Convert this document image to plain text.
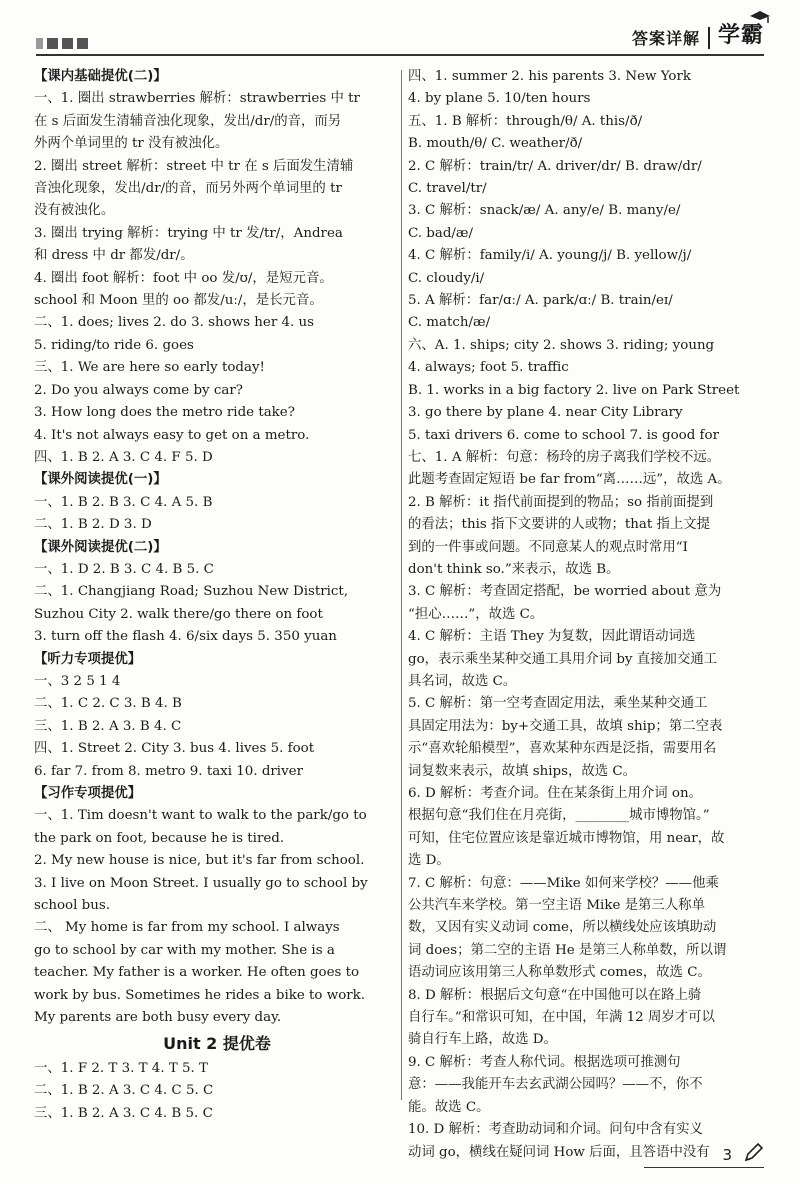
答案详解 学霸
【课内基础提优(二)】
一、1. 圈出 strawberries 解析：strawberries 中 tr
在 s 后面发生清辅音浊化现象，发出/dr/的音，而另
外两个单词里的 tr 没有被浊化。
2. 圈出 street 解析：street 中 tr 在 s 后面发生清辅
音浊化现象，发出/dr/的音，而另外两个单词里的 tr
没有被浊化。
3. 圈出 trying 解析：trying 中 tr 发/tr/，Andrea
和 dress 中 dr 都发/dr/。
4. 圈出 foot 解析：foot 中 oo 发/ʊ/，是短元音。
school 和 Moon 里的 oo 都发/uː/，是长元音。
二、1. does; lives 2. do 3. shows her 4. us
5. riding/to ride 6. goes
三、1. We are here so early today!
2. Do you always come by car?
3. How long does the metro ride take?
4. It's not always easy to get on a metro.
四、1. B 2. A 3. C 4. F 5. D
【课外阅读提优(一)】
一、1. B 2. B 3. C 4. A 5. B
二、1. B 2. D 3. D
【课外阅读提优(二)】
一、1. D 2. B 3. C 4. B 5. C
二、1. Changjiang Road; Suzhou New District,
Suzhou City 2. walk there/go there on foot
3. turn off the flash 4. 6/six days 5. 350 yuan
【听力专项提优】
一、3 2 5 1 4
二、1. C 2. C 3. B 4. B
三、1. B 2. A 3. B 4. C
四、1. Street 2. City 3. bus 4. lives 5. foot
6. far 7. from 8. metro 9. taxi 10. driver
【习作专项提优】
一、1. Tim doesn't want to walk to the park/go to
the park on foot, because he is tired.
2. My new house is nice, but it's far from school.
3. I live on Moon Street. I usually go to school by
school bus.
二、 My home is far from my school. I always
go to school by car with my mother. She is a
teacher. My father is a worker. He often goes to
work by bus. Sometimes he rides a bike to work.
My parents are both busy every day.
Unit 2 提优卷
一、1. F 2. T 3. T 4. T 5. T
二、1. B 2. A 3. C 4. C 5. C
三、1. B 2. A 3. C 4. B 5. C
四、1. summer 2. his parents 3. New York
4. by plane 5. 10/ten hours
五、1. B 解析：through/θ/ A. this/ð/
B. mouth/θ/ C. weather/ð/
2. C 解析：train/tr/ A. driver/dr/ B. draw/dr/
C. travel/tr/
3. C 解析：snack/æ/ A. any/e/ B. many/e/
C. bad/æ/
4. C 解析：family/i/ A. young/j/ B. yellow/j/
C. cloudy/i/
5. A 解析：far/ɑː/ A. park/ɑː/ B. train/eɪ/
C. match/æ/
六、A. 1. ships; city 2. shows 3. riding; young
4. always; foot 5. traffic
B. 1. works in a big factory 2. live on Park Street
3. go there by plane 4. near City Library
5. taxi drivers 6. come to school 7. is good for
七、1. A 解析：句意：杨玲的房子离我们学校不远。
此题考查固定短语 be far from“离……远”，故选 A。
2. B 解析：it 指代前面提到的物品；so 指前面提到
的看法；this 指下文要讲的人或物；that 指上文提
到的一件事或问题。不同意某人的观点时常用“I
don't think so.”来表示，故选 B。
3. C 解析：考查固定搭配，be worried about 意为
“担心……”，故选 C。
4. C 解析：主语 They 为复数，因此谓语动词选
go，表示乘坐某种交通工具用介词 by 直接加交通工
具名词，故选 C。
5. C 解析：第一空考查固定用法，乘坐某种交通工
具固定用法为：by+交通工具，故填 ship；第二空表
示“喜欢轮船模型”，喜欢某种东西是泛指，需要用名
词复数来表示，故填 ships，故选 C。
6. D 解析：考查介词。住在某条街上用介词 on。
根据句意“我们住在月亮街，________城市博物馆。”
可知，住宅位置应该是靠近城市博物馆，用 near，故
选 D。
7. C 解析：句意：——Mike 如何来学校？——他乘
公共汽车来学校。第一空主语 Mike 是第三人称单
数，又因有实义动词 come，所以横线处应该填助动
词 does；第二空的主语 He 是第三人称单数，所以谓
语动词应该用第三人称单数形式 comes，故选 C。
8. D 解析：根据后文句意“在中国他可以在路上骑
自行车。”和常识可知，在中国，年满 12 周岁才可以
骑自行车上路，故选 D。
9. C 解析：考查人称代词。根据选项可推测句
意：——我能开车去玄武湖公园吗？——不，你不
能。故选 C。
10. D 解析：考查助动词和介词。问句中含有实义
动词 go，横线在疑问词 How 后面，且答语中没有 3
